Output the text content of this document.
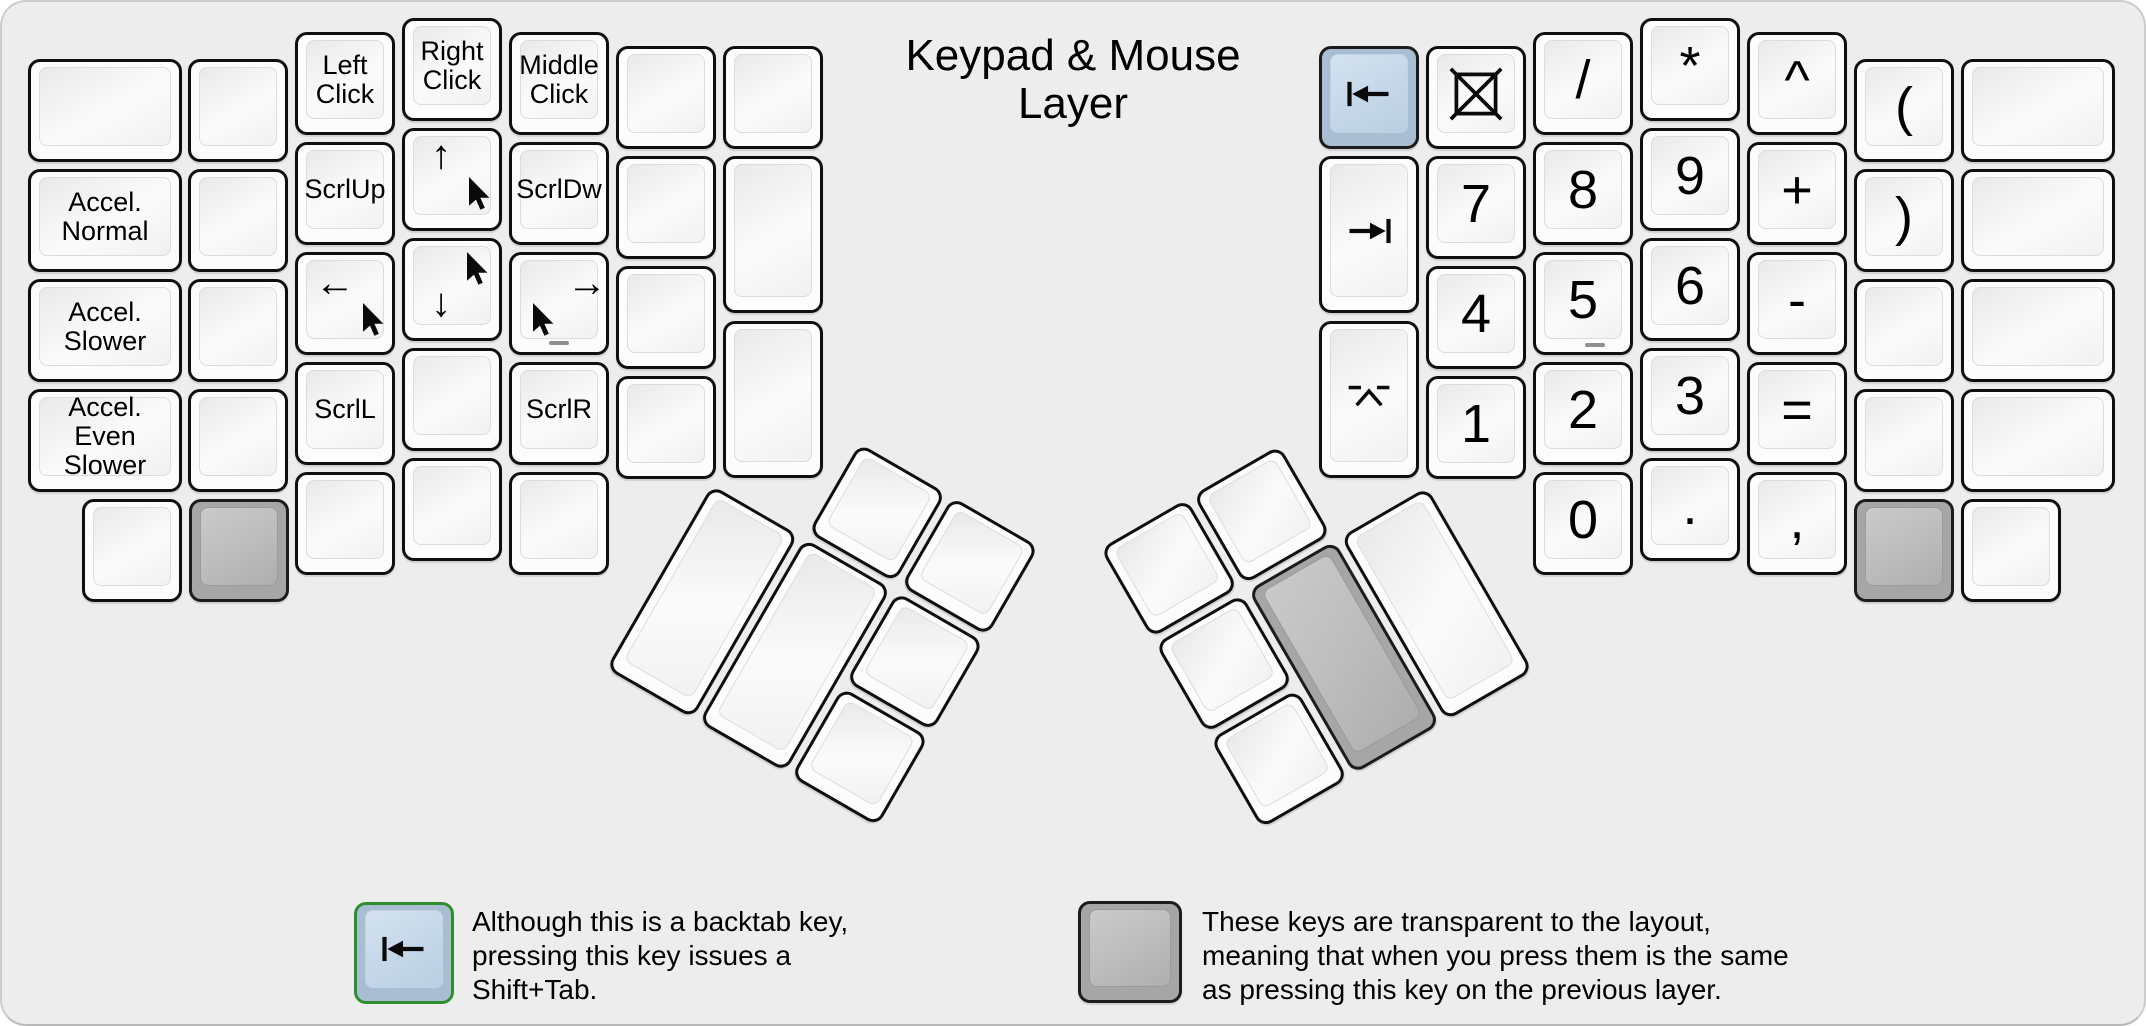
Keypad & Mouse
Layer
Accel.
Normal
Accel.
Slower
Accel.
Even
Slower
Left
Click
ScrlUp
←
ScrlL
Right
Click
↑
↓
Middle
Click
ScrlDw
→
ScrlR
7
4
1
/
8
5
2
*
9
6
3
^
+
-
=
(
)
0	.	,
Although this is a backtab key,
pressing this key issues a
Shift+Tab.
These keys are transparent to the layout,
meaning that when you press them is the same
as pressing this key on the previous layer.
